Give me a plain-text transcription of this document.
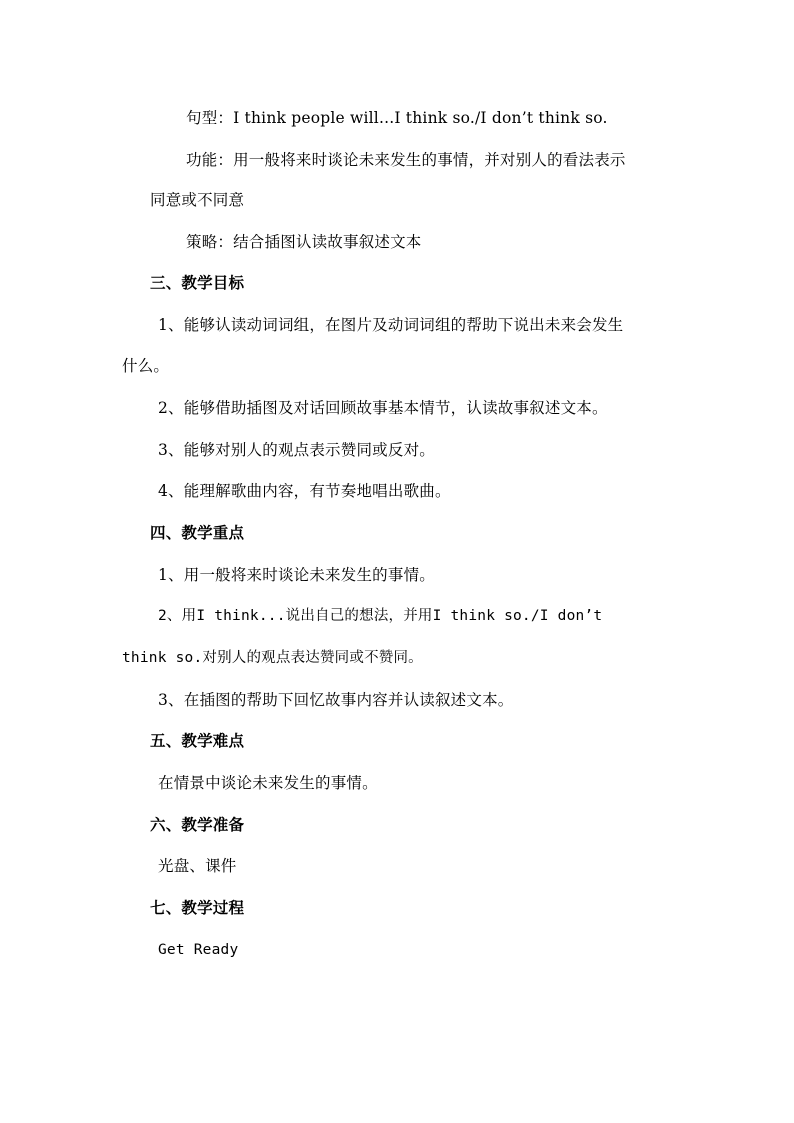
句型：I think people will...I think so./I don’t think so.
功能：用一般将来时谈论未来发生的事情，并对别人的看法表示
同意或不同意
策略：结合插图认读故事叙述文本
三、教学目标
1、能够认读动词词组，在图片及动词词组的帮助下说出未来会发生
什么。
2、能够借助插图及对话回顾故事基本情节，认读故事叙述文本。
3、能够对别人的观点表示赞同或反对。
4、能理解歌曲内容，有节奏地唱出歌曲。
四、教学重点
1、用一般将来时谈论未来发生的事情。
2、用I think...说出自己的想法，并用I think so./I don’t
think so.对别人的观点表达赞同或不赞同。
3、在插图的帮助下回忆故事内容并认读叙述文本。
五、教学难点
在情景中谈论未来发生的事情。
六、教学准备
光盘、课件
七、教学过程
Get Ready
